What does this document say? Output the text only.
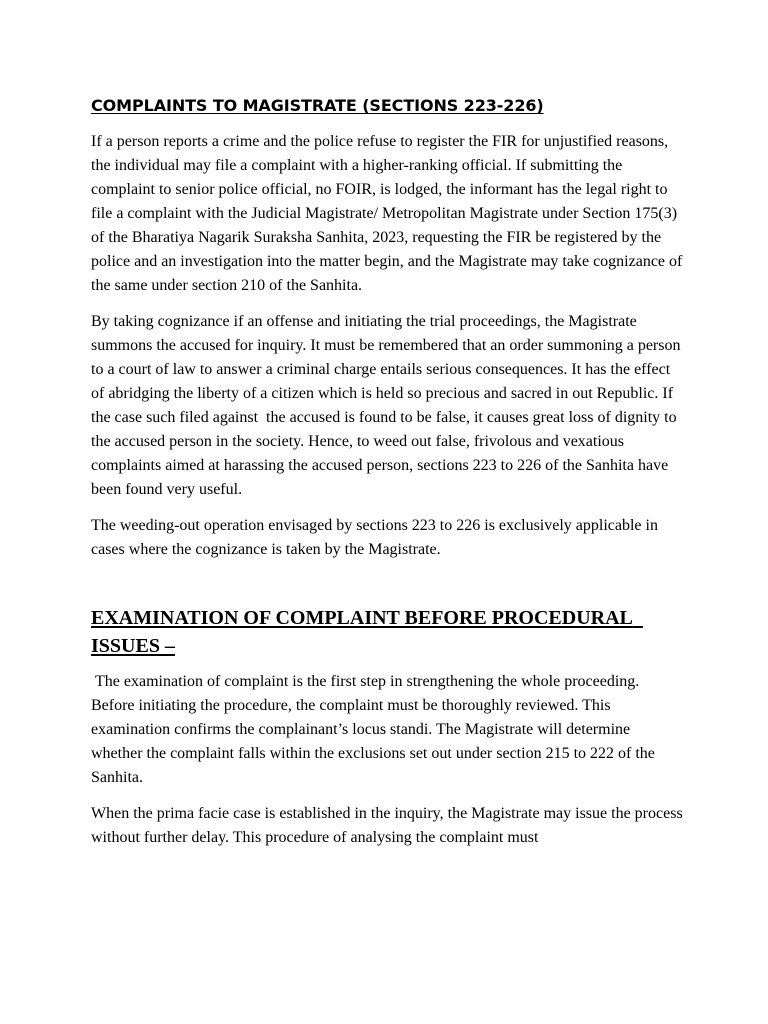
COMPLAINTS TO MAGISTRATE (SECTIONS 223-226)

If a person reports a crime and the police refuse to register the FIR for unjustified reasons, the individual may file a complaint with a higher-ranking official. If submitting the complaint to senior police official, no FOIR, is lodged, the informant has the legal right to file a complaint with the Judicial Magistrate/ Metropolitan Magistrate under Section 175(3) of the Bharatiya Nagarik Suraksha Sanhita, 2023, requesting the FIR be registered by the police and an investigation into the matter begin, and the Magistrate may take cognizance of the same under section 210 of the Sanhita.

By taking cognizance if an offense and initiating the trial proceedings, the Magistrate summons the accused for inquiry. It must be remembered that an order summoning a person to a court of law to answer a criminal charge entails serious consequences. It has the effect of abridging the liberty of a citizen which is held so precious and sacred in out Republic. If the case such filed against  the accused is found to be false, it causes great loss of dignity to the accused person in the society. Hence, to weed out false, frivolous and vexatious complaints aimed at harassing the accused person, sections 223 to 226 of the Sanhita have been found very useful.

The weeding-out operation envisaged by sections 223 to 226 is exclusively applicable in cases where the cognizance is taken by the Magistrate.

EXAMINATION OF COMPLAINT BEFORE PROCEDURAL  ISSUES –

The examination of complaint is the first step in strengthening the whole proceeding. Before initiating the procedure, the complaint must be thoroughly reviewed. This examination confirms the complainant’s locus standi. The Magistrate will determine whether the complaint falls within the exclusions set out under section 215 to 222 of the Sanhita.

When the prima facie case is established in the inquiry, the Magistrate may issue the process without further delay. This procedure of analysing the complaint must
